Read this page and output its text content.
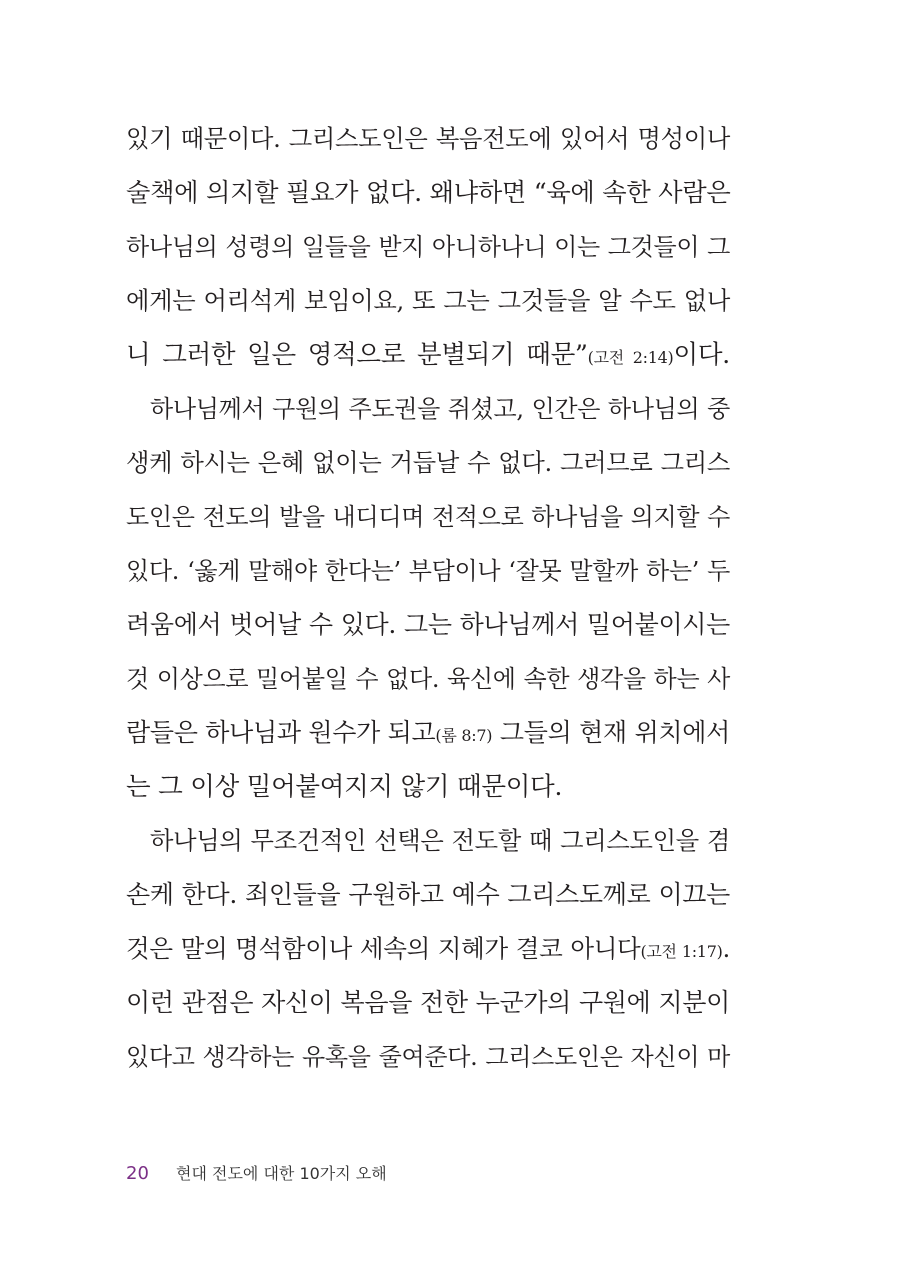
있기 때문이다. 그리스도인은 복음전도에 있어서 명성이나
술책에 의지할 필요가 없다. 왜냐하면 “육에 속한 사람은
하나님의 성령의 일들을 받지 아니하나니 이는 그것들이 그
에게는 어리석게 보임이요, 또 그는 그것들을 알 수도 없나
니 그러한 일은 영적으로 분별되기 때문”(고전 2:14)이다.
하나님께서 구원의 주도권을 쥐셨고, 인간은 하나님의 중
생케 하시는 은혜 없이는 거듭날 수 없다. 그러므로 그리스
도인은 전도의 발을 내디디며 전적으로 하나님을 의지할 수
있다. ‘옳게 말해야 한다는’ 부담이나 ‘잘못 말할까 하는’ 두
려움에서 벗어날 수 있다. 그는 하나님께서 밀어붙이시는
것 이상으로 밀어붙일 수 없다. 육신에 속한 생각을 하는 사
람들은 하나님과 원수가 되고(롬 8:7) 그들의 현재 위치에서
는 그 이상 밀어붙여지지 않기 때문이다.
하나님의 무조건적인 선택은 전도할 때 그리스도인을 겸
손케 한다. 죄인들을 구원하고 예수 그리스도께로 이끄는
것은 말의 명석함이나 세속의 지혜가 결코 아니다(고전 1:17).
이런 관점은 자신이 복음을 전한 누군가의 구원에 지분이
있다고 생각하는 유혹을 줄여준다. 그리스도인은 자신이 마
20 현대 전도에 대한 10가지 오해
